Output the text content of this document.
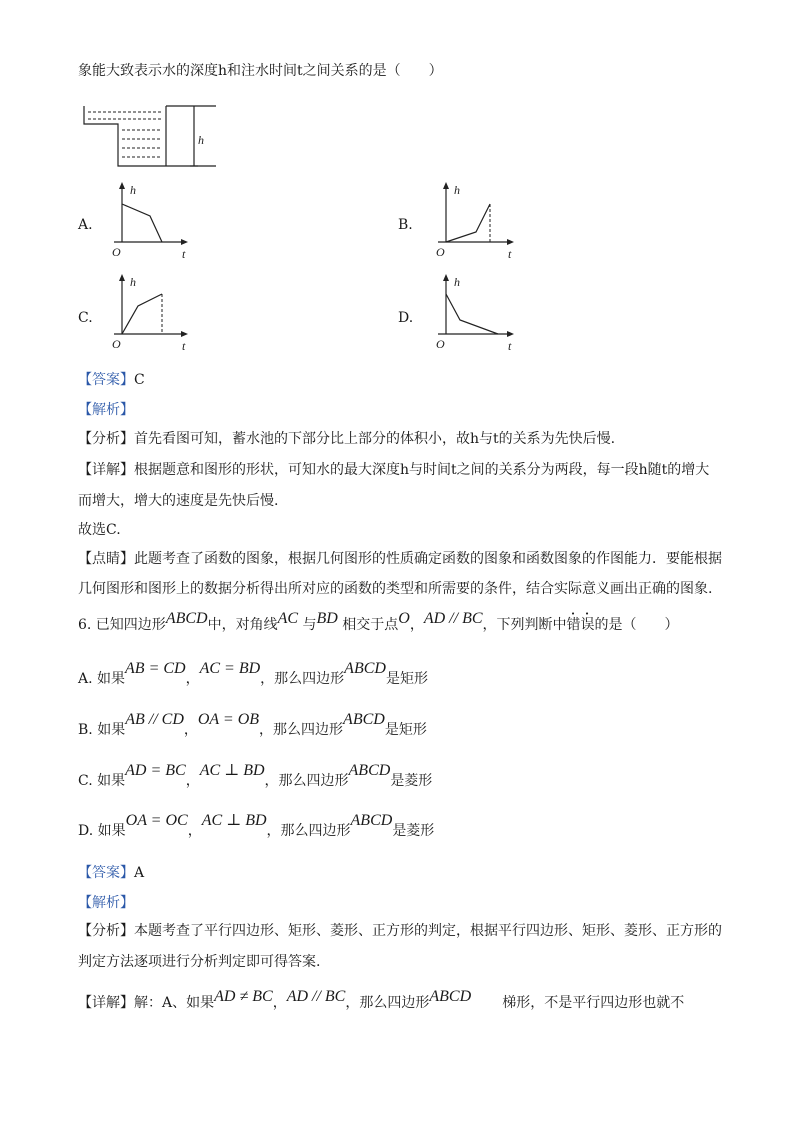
象能大致表示水的深度h和注水时间t之间关系的是（　　）
h
A.
h
O	t
B.
h
O	t
C.
h
O	t
D.
h
O	t
【答案】C
【解析】
【分析】首先看图可知，蓄水池的下部分比上部分的体积小，故h与t的关系为先快后慢.
【详解】根据题意和图形的形状，可知水的最大深度h与时间t之间的关系分为两段，每一段h随t的增大
而增大，增大的速度是先快后慢.
故选C.
【点睛】此题考查了函数的图象，根据几何图形的性质确定函数的图象和函数图象的作图能力．要能根据
几何图形和图形上的数据分析得出所对应的函数的类型和所需要的条件，结合实际意义画出正确的图象.
6. 已知四边形ABCD中，对角线AC 与BD 相交于点O，AD // BC，下列判断中错误的是（　　）
A. 如果AB = CD，AC = BD，那么四边形ABCD是矩形
B. 如果AB // CD，OA = OB，那么四边形ABCD是矩形
C. 如果AD = BC，AC ⊥ BD，那么四边形ABCD是菱形
D. 如果OA = OC，AC ⊥ BD，那么四边形ABCD是菱形
【答案】A
【解析】
【分析】本题考查了平行四边形、矩形、菱形、正方形的判定，根据平行四边形、矩形、菱形、正方形的
判定方法逐项进行分析判定即可得答案.
【详解】解：A、如果AD ≠ BC，AD // BC，那么四边形ABCD 梯形，不是平行四边形也就不
